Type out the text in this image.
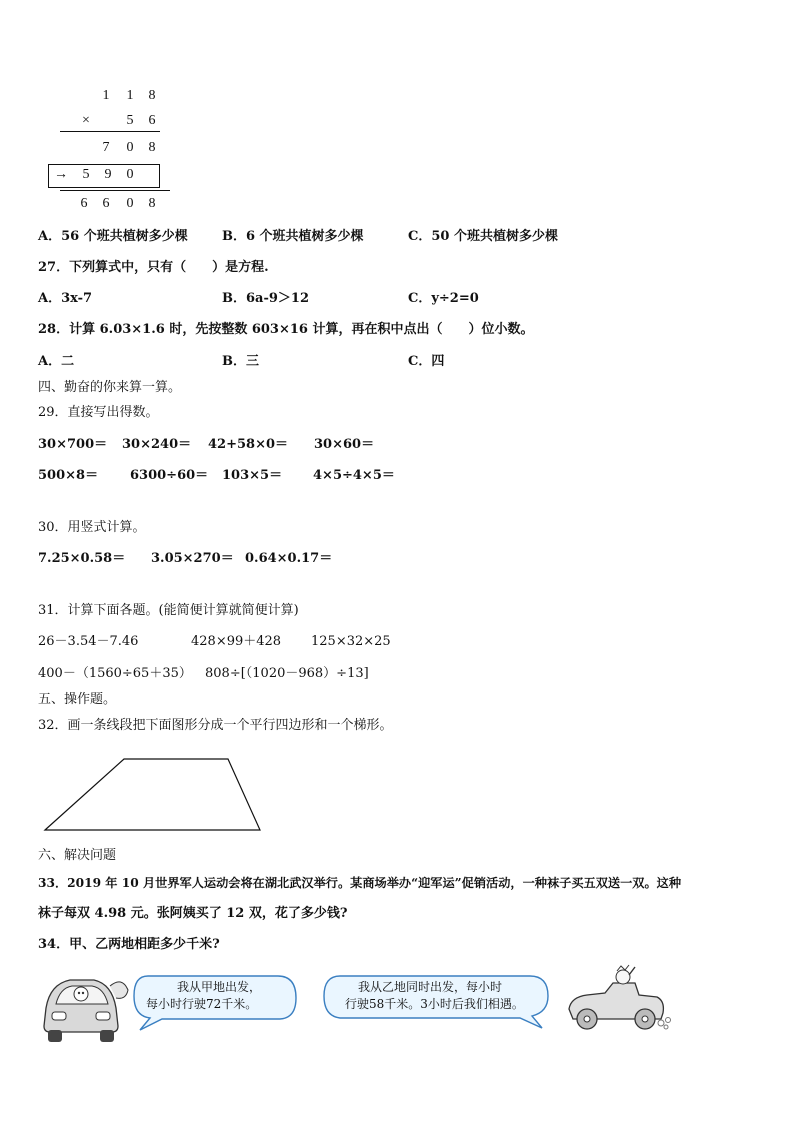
1 1 8
×	5 6
7 0 8
→ 5 9 0
6 6 0 8
A．56 个班共植树多少棵	B．6 个班共植树多少棵	C．50 个班共植树多少棵
27．下列算式中，只有（　　）是方程.
A．3x-7	B．6a-9＞12	C．y÷2=0
28．计算 6.03×1.6 时，先按整数 603×16 计算，再在积中点出（　　）位小数。
A．二	B．三	C．四
四、勤奋的你来算一算。
29．直接写出得数。
30×700＝ 30×240＝ 42+58×0＝ 30×60＝
500×8＝ 6300÷60＝ 103×5＝ 4×5÷4×5＝
30．用竖式计算。
7.25×0.58＝ 3.05×270＝ 0.64×0.17＝
31．计算下面各题。(能简便计算就简便计算)
26－3.54－7.46	428×99＋428 125×32×25
400－（1560÷65＋35） 808÷[（1020－968）÷13]
五、操作题。
32．画一条线段把下面图形分成一个平行四边形和一个梯形。
六、解决问题
33．2019 年 10 月世界军人运动会将在湖北武汉举行。某商场举办“迎军运”促销活动，一种袜子买五双送一双。这种
袜子每双 4.98 元。张阿姨买了 12 双，花了多少钱?
34．甲、乙两地相距多少千米?
我从甲地出发，
每小时行驶72千米。
我从乙地同时出发，每小时
行驶58千米。3小时后我们相遇。
